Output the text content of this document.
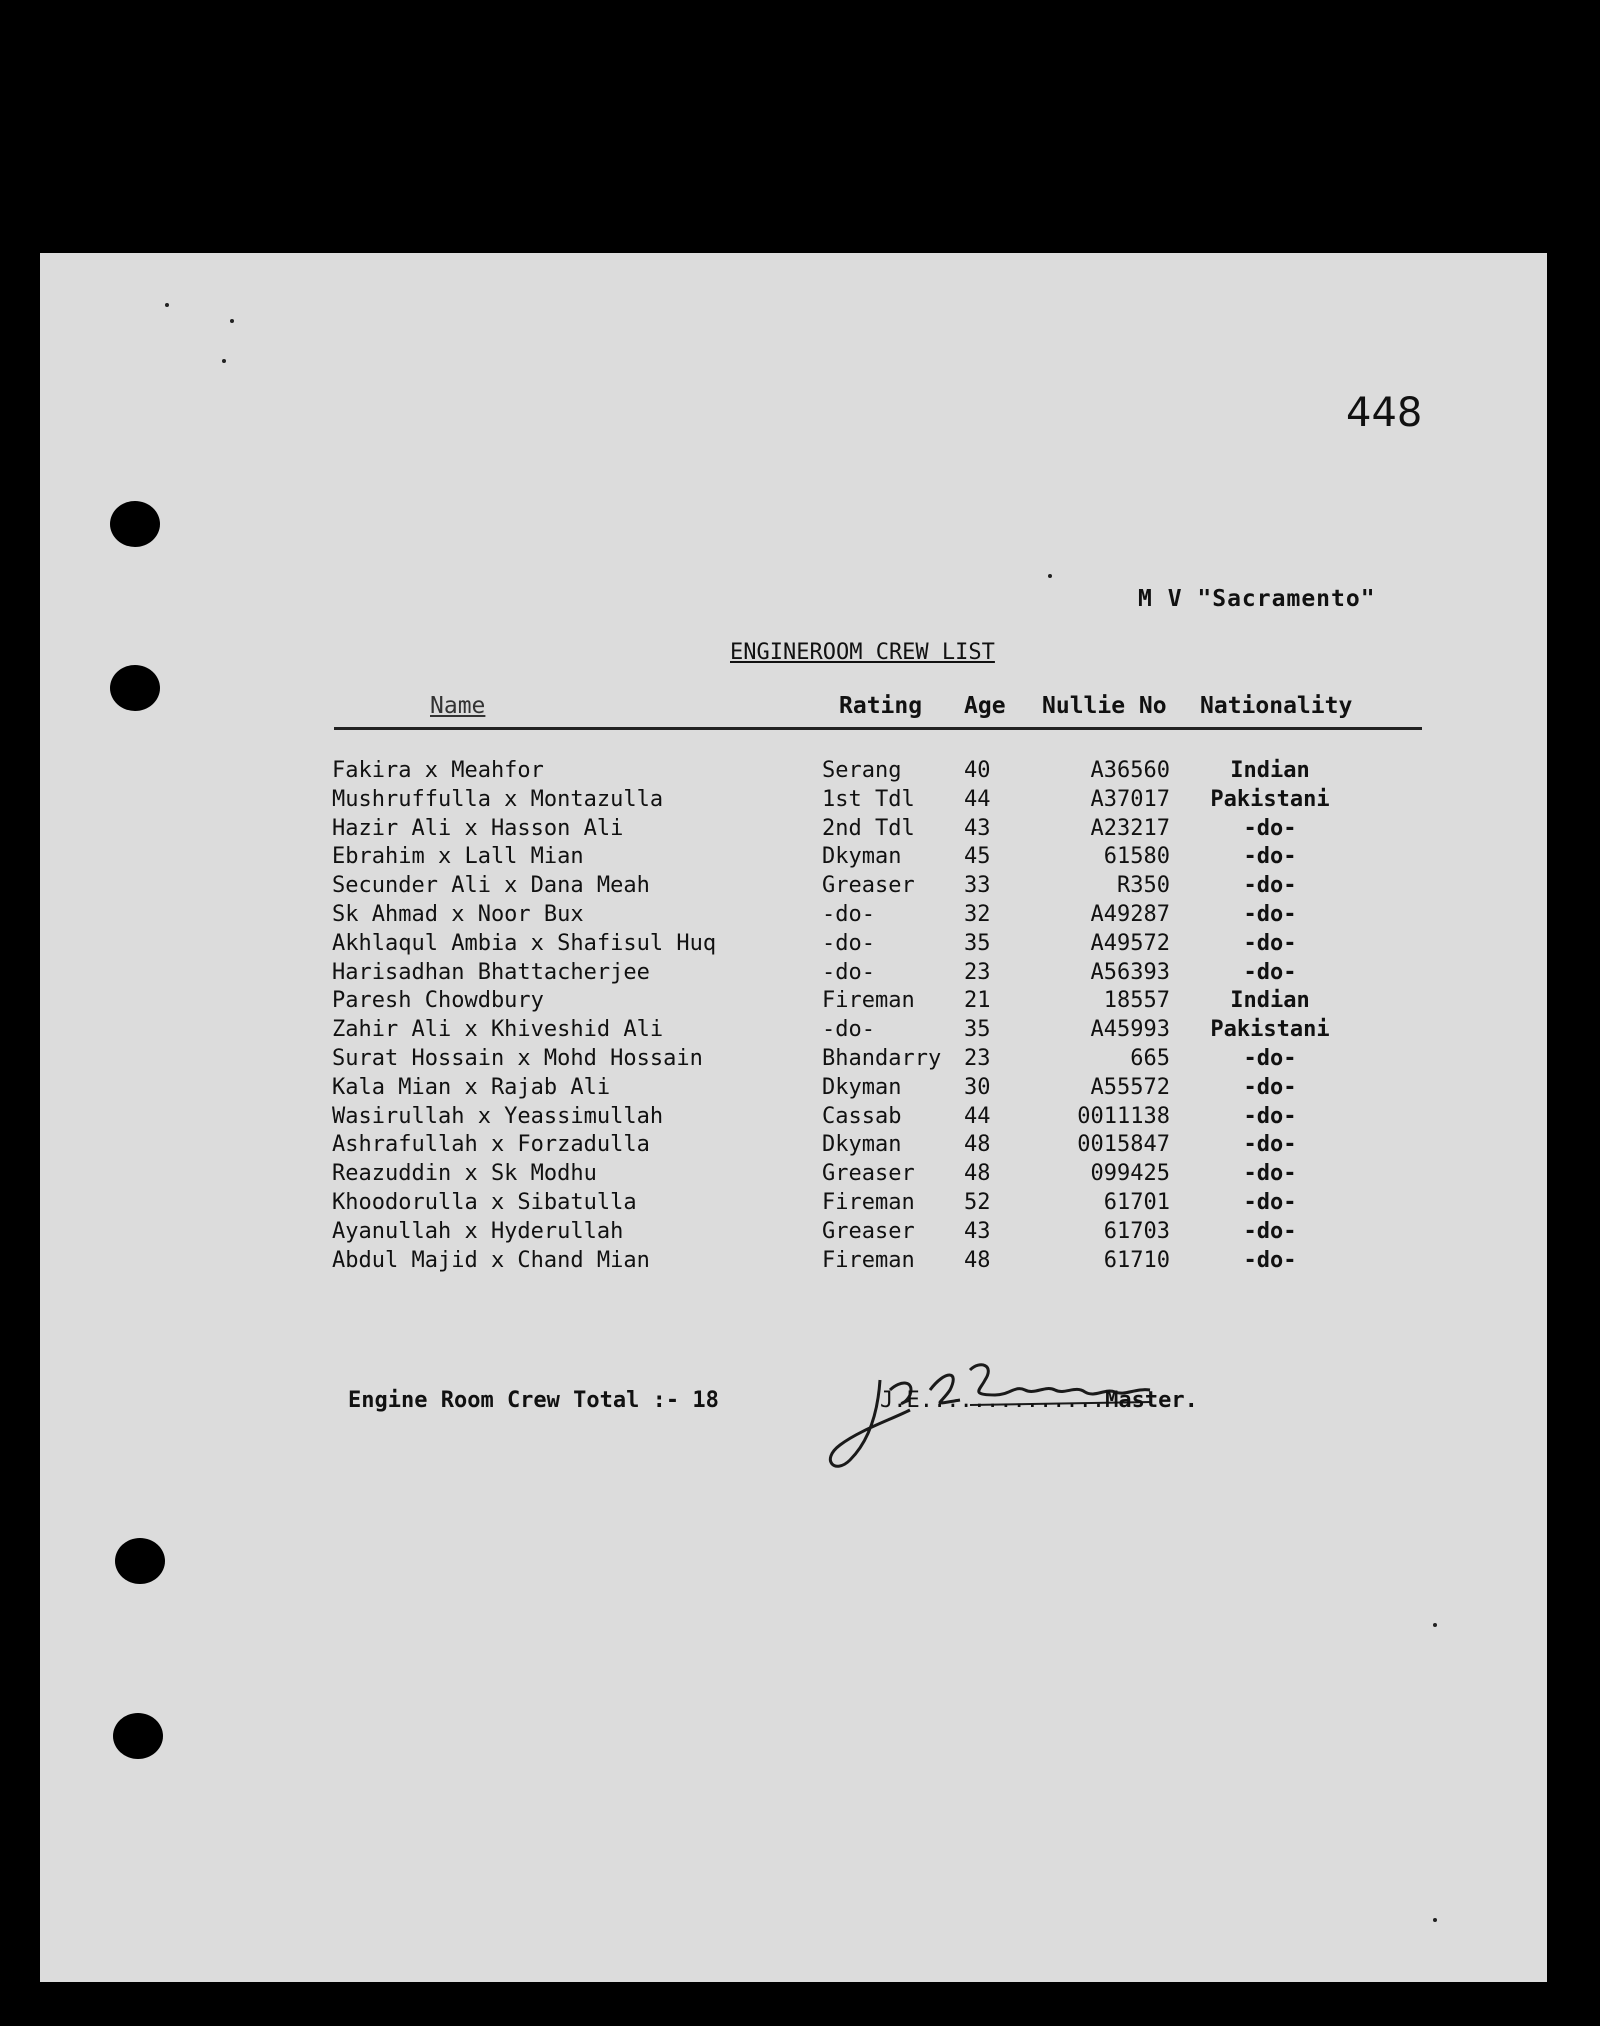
448
M V "Sacramento"
ENGINEROOM CREW LIST
Name	Rating Age Nullie No Nationality
Fakira x Meahfor	Serang	40	A36560	Indian
Mushruffulla x Montazulla	1st Tdl 44	A37017	Pakistani
Hazir Ali x Hasson Ali	2nd Tdl 43	A23217	-do-
Ebrahim x Lall Mian	Dkyman	45	61580	-do-
Secunder Ali x Dana Meah	Greaser 33	R350	-do-
Sk Ahmad x Noor Bux	-do-	32	A49287	-do-
Akhlaqul Ambia x Shafisul Huq	-do-	35	A49572	-do-
Harisadhan Bhattacherjee	-do-	23	A56393	-do-
Paresh Chowdbury	Fireman 21	18557	Indian
Zahir Ali x Khiveshid Ali	-do-	35	A45993	Pakistani
Surat Hossain x Mohd Hossain	Bhandarry 23	665	-do-
Kala Mian x Rajab Ali	Dkyman	30	A55572	-do-
Wasirullah x Yeassimullah	Cassab	44	0011138	-do-
Ashrafullah x Forzadulla	Dkyman	48	0015847	-do-
Reazuddin x Sk Modhu	Greaser 48	099425	-do-
Khoodorulla x Sibatulla	Fireman 52	61701	-do-
Ayanullah x Hyderullah	Greaser 43	61703	-do-
Abdul Majid x Chand Mian	Fireman 48	61710	-do-
Engine Room Crew Total :- 18	J.E..............Master.
